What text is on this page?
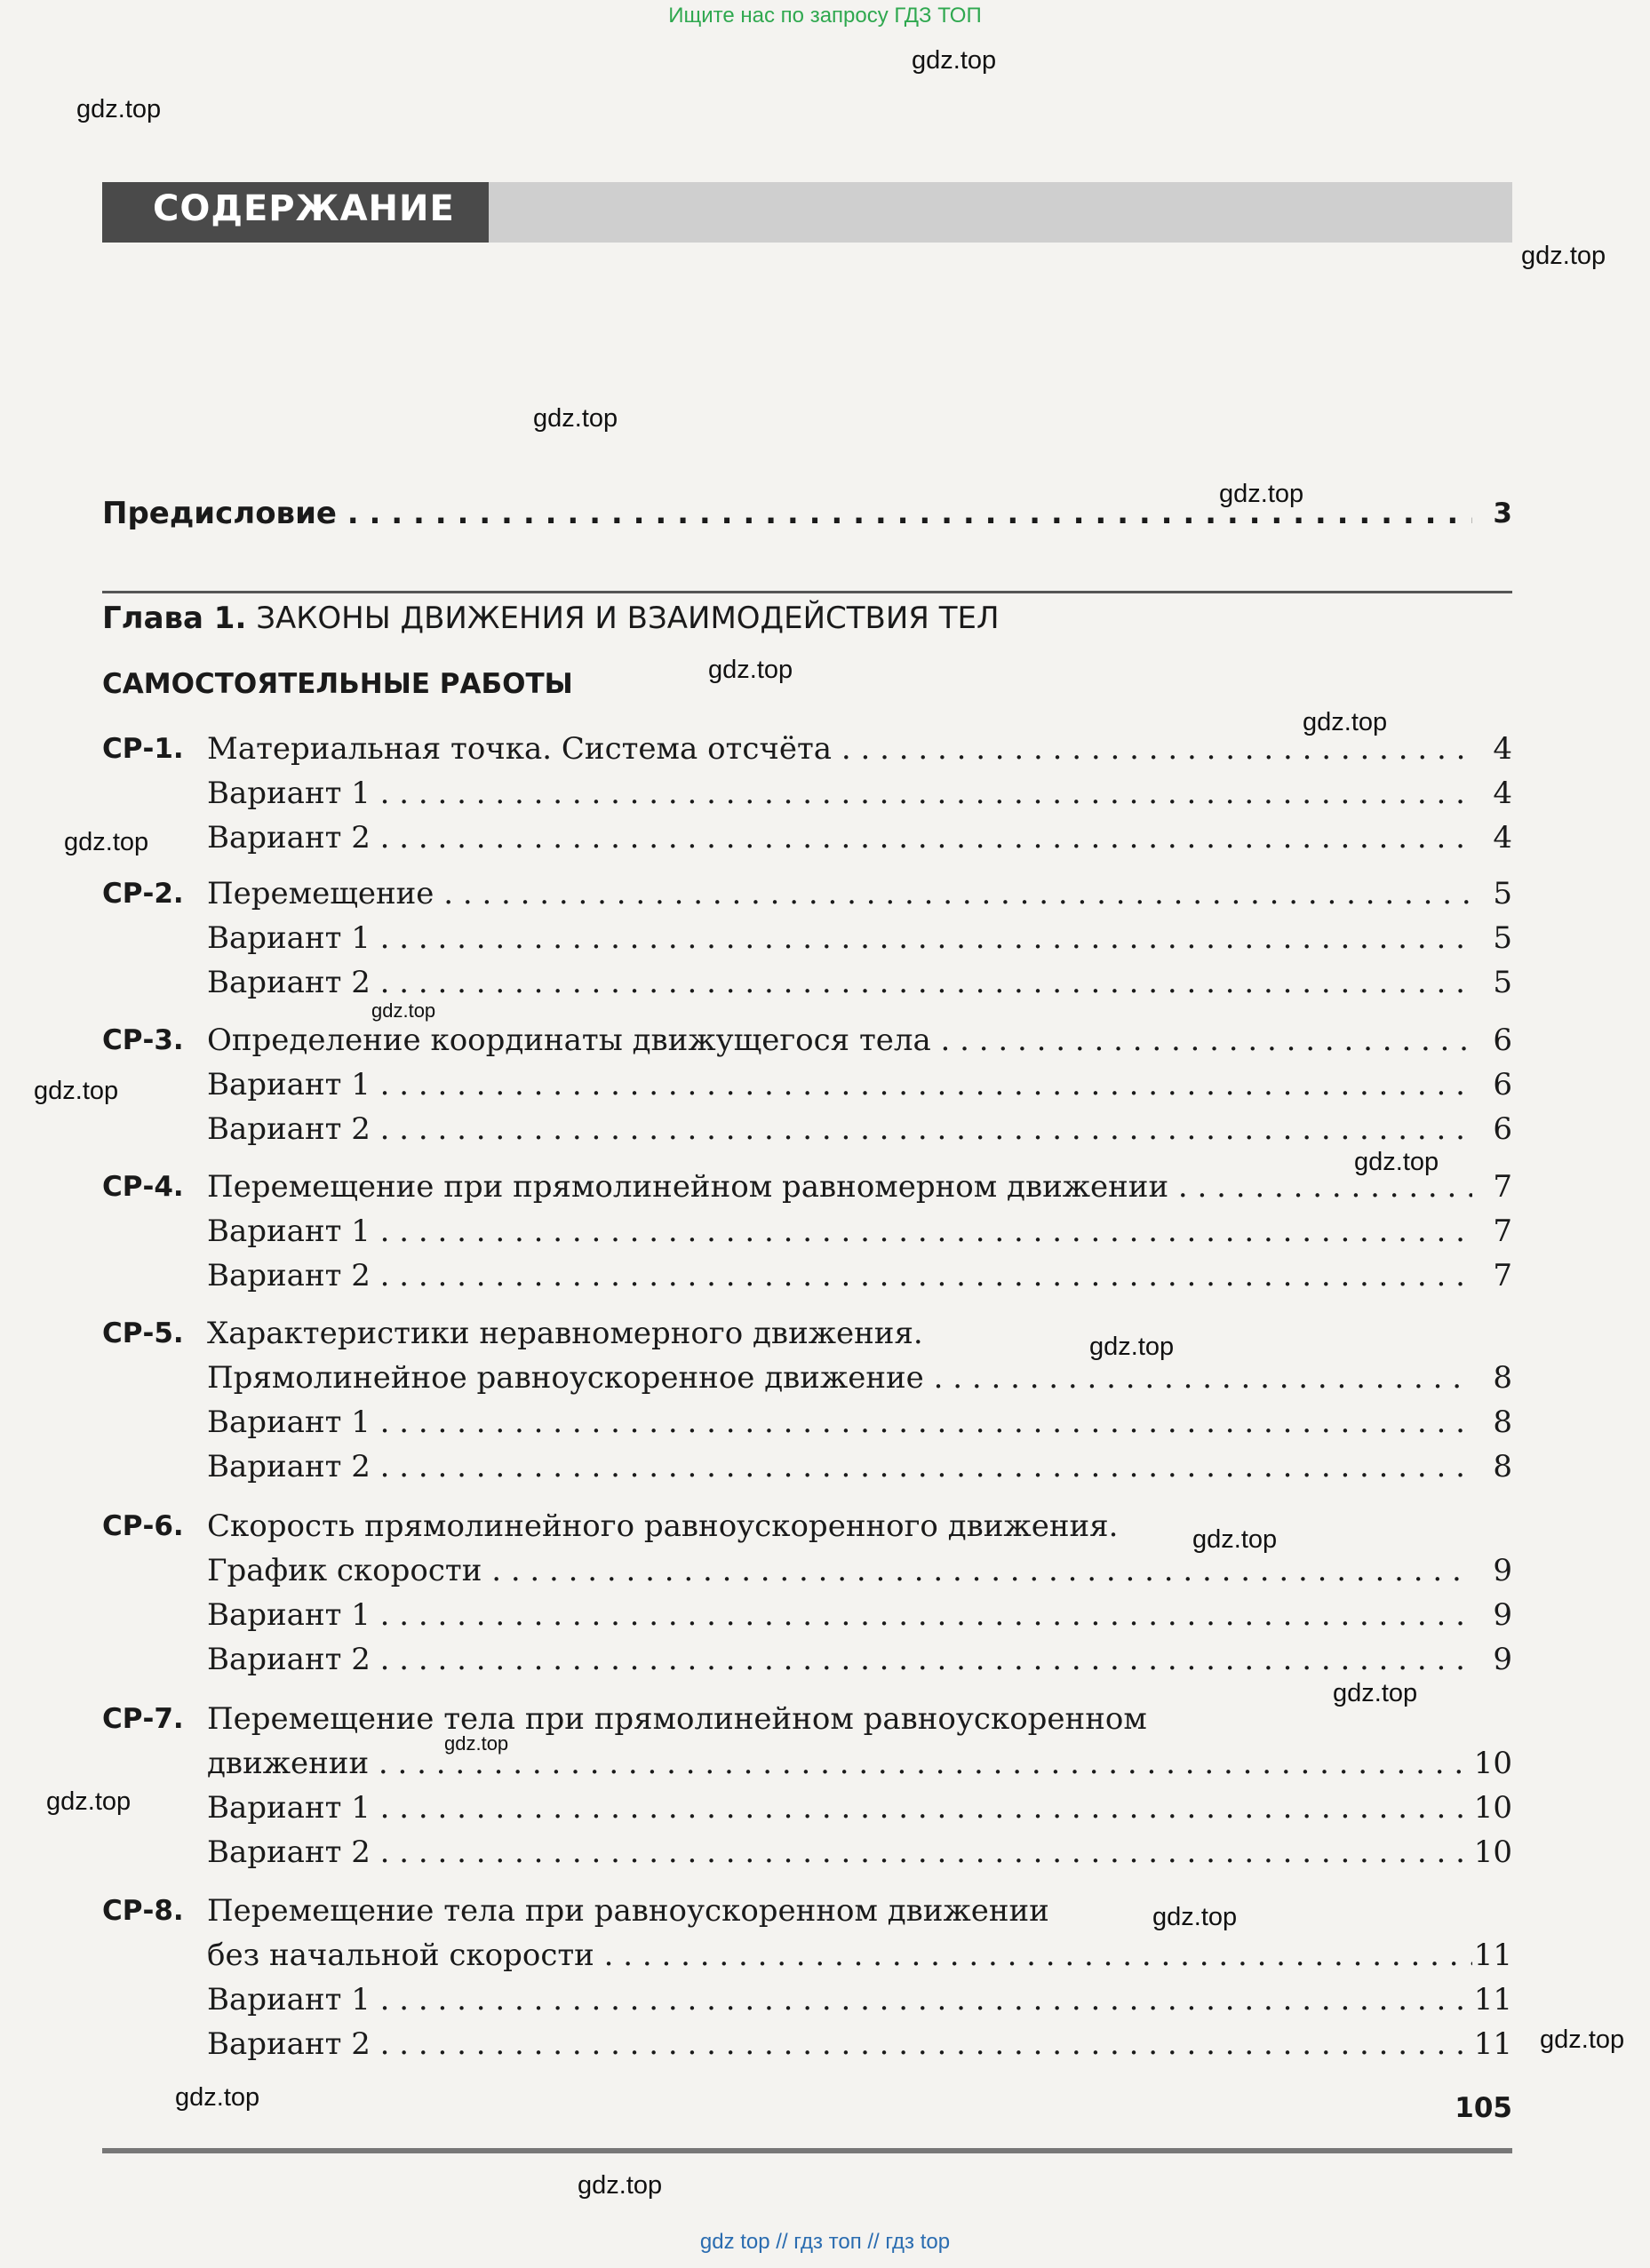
Ищите нас по запросу ГДЗ ТОП
СОДЕРЖАНИЕ
Предисловие . . .	3
Глава 1. ЗАКОНЫ ДВИЖЕНИЯ И ВЗАИМОДЕЙСТВИЯ ТЕЛ
САМОСТОЯТЕЛЬНЫЕ РАБОТЫ
СР-1. Материальная точка. Система отсчёта . . .	4
Вариант 1 . . .	4
Вариант 2 . . .	4
СР-2. Перемещение . . .	5
Вариант 1 . . .	5
Вариант 2 . . .	5
СР-3. Определение координаты движущегося тела . . .	6
Вариант 1 . . .	6
Вариант 2 . . .	6
СР-4. Перемещение при прямолинейном равномерном движении . . .	7
Вариант 1 . . .	7
Вариант 2 . . .	7
СР-5. Характеристики неравномерного движения.
Прямолинейное равноускоренное движение . . .	8
Вариант 1 . . .	8
Вариант 2 . . .	8
СР-6. Скорость прямолинейного равноускоренного движения.
График скорости . . .	9
Вариант 1 . . .	9
Вариант 2 . . .	9
СР-7. Перемещение тела при прямолинейном равноускоренном
движении . . .	10
Вариант 1 . . .	10
Вариант 2 . . .	10
СР-8. Перемещение тела при равноускоренном движении
без начальной скорости . . .	11
Вариант 1 . . .	11
Вариант 2 . . .	11
105
gdz top // гдз топ // гдз top
gdz.top
gdz.top
gdz.top
gdz.top
gdz.top
gdz.top
gdz.top
gdz.top
gdz.top
gdz.top
gdz.top
gdz.top
gdz.top
gdz.top
gdz.top
gdz.top
gdz.top
gdz.top
gdz.top
gdz.top
